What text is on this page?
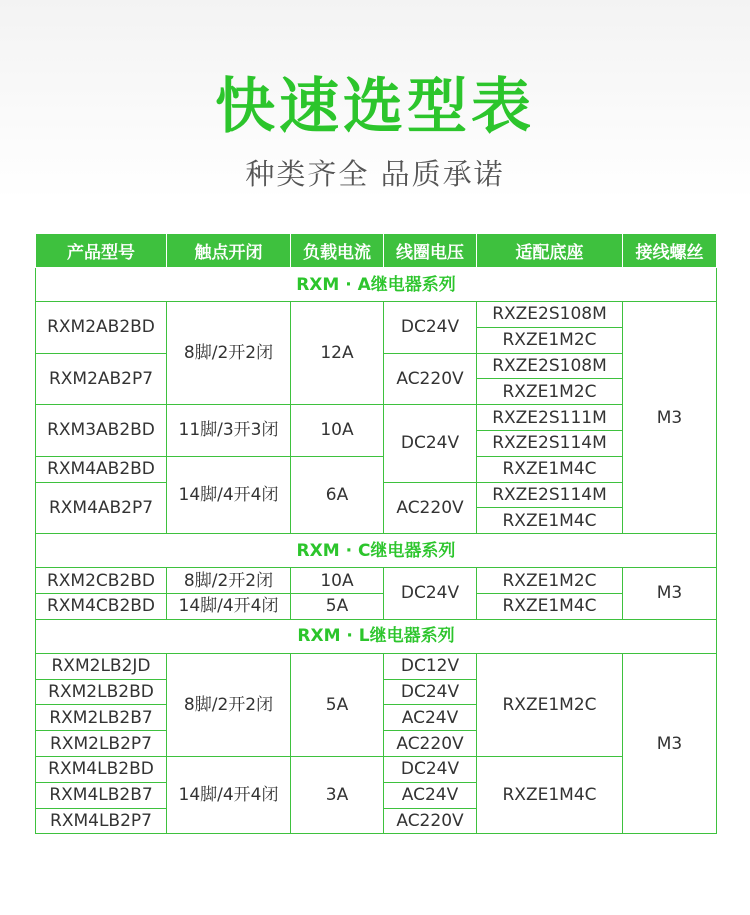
快速选型表
种类齐全 品质承诺
产品型号	触点开闭	负载电流	线圈电压	适配底座	接线螺丝
RXM · A继电器系列					
RXM2AB2BD	8脚/2开2闭	12A	DC24V	RXZE2S108M	M3
				RXZE1M2C	
RXM2AB2P7			AC220V	RXZE2S108M	
				RXZE1M2C	
RXM3AB2BD	11脚/3开3闭	10A	DC24V	RXZE2S111M	
				RXZE2S114M	
RXM4AB2BD	14脚/4开4闭	6A		RXZE1M4C	
RXM4AB2P7			AC220V	RXZE2S114M	
				RXZE1M4C	
RXM · C继电器系列					
RXM2CB2BD	8脚/2开2闭	10A	DC24V	RXZE1M2C	M3
RXM4CB2BD	14脚/4开4闭	5A		RXZE1M4C	
RXM · L继电器系列					
RXM2LB2JD	8脚/2开2闭	5A	DC12V	RXZE1M2C	M3
RXM2LB2BD			DC24V		
RXM2LB2B7			AC24V		
RXM2LB2P7			AC220V		
RXM4LB2BD	14脚/4开4闭	3A	DC24V	RXZE1M4C	
RXM4LB2B7			AC24V		
RXM4LB2P7			AC220V		
